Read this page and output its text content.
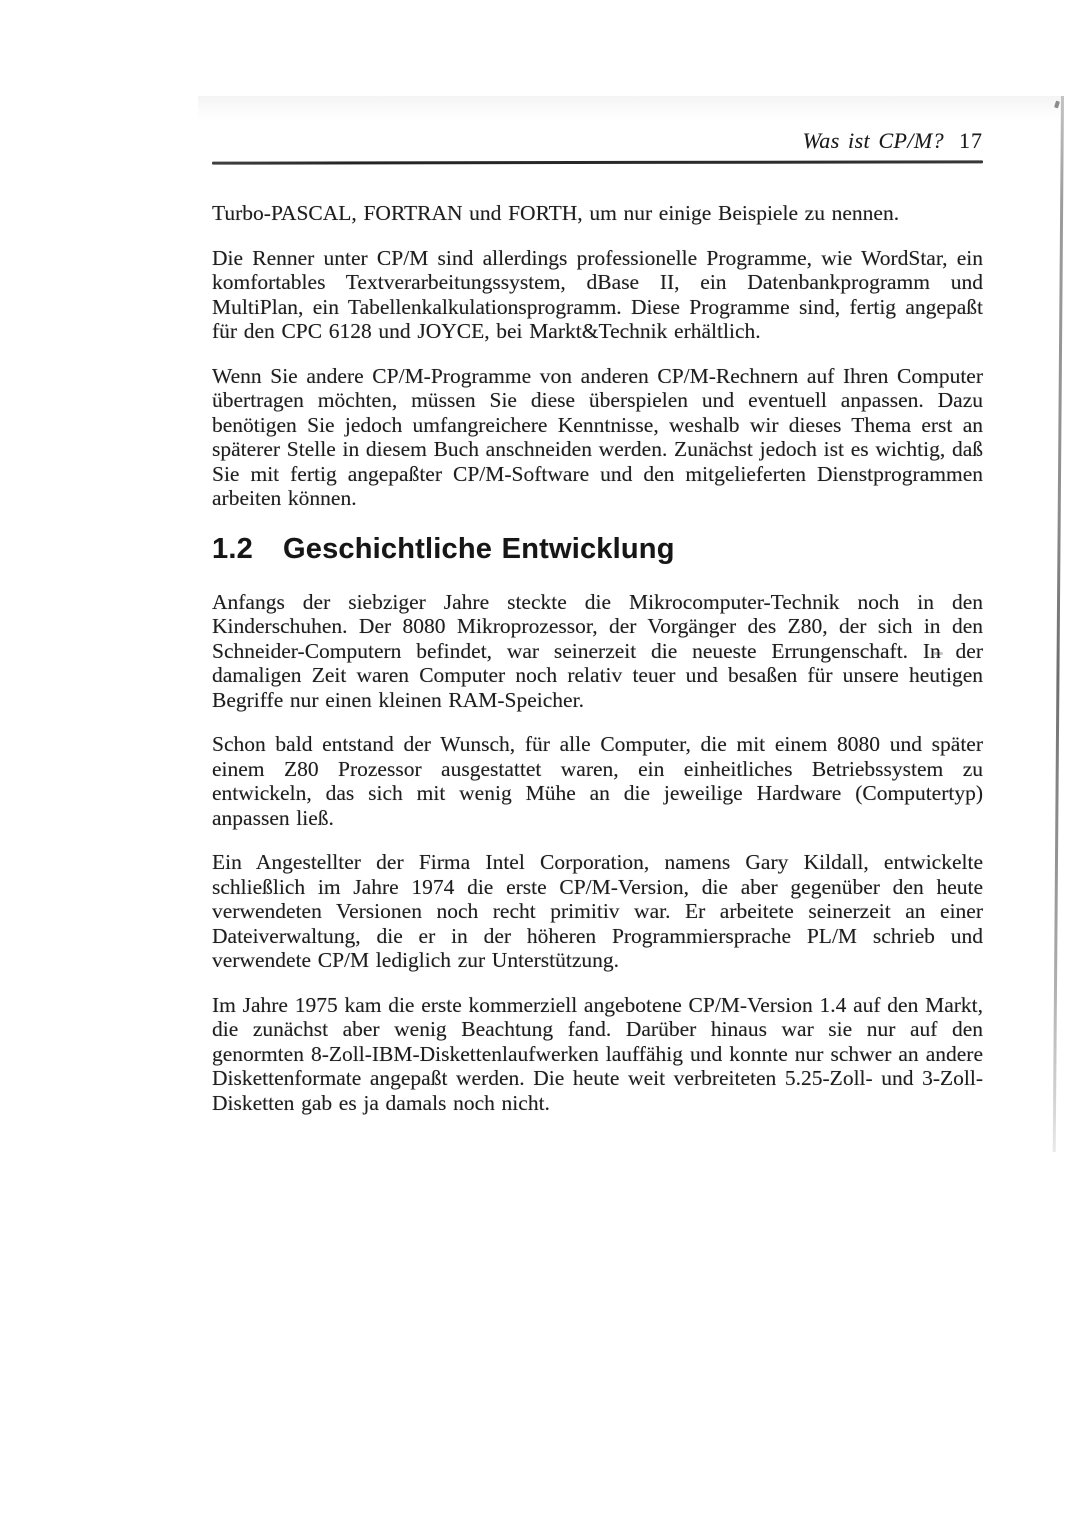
Was ist CP/M? 17

Turbo-PASCAL, FORTRAN und FORTH, um nur einige Beispiele zu nennen.

Die Renner unter CP/M sind allerdings professionelle Programme, wie WordStar, ein komfortables Textverarbeitungssystem, dBase II, ein Datenbankprogramm und MultiPlan, ein Tabellenkalkulationsprogramm. Diese Programme sind, fertig angepaßt für den CPC 6128 und JOYCE, bei Markt&Technik erhältlich.

Wenn Sie andere CP/M-Programme von anderen CP/M-Rechnern auf Ihren Computer übertragen möchten, müssen Sie diese überspielen und eventuell anpassen. Dazu benötigen Sie jedoch umfangreichere Kenntnisse, weshalb wir dieses Thema erst an späterer Stelle in diesem Buch anschneiden werden. Zunächst jedoch ist es wichtig, daß Sie mit fertig angepaßter CP/M-Software und den mitgelieferten Dienstprogrammen arbeiten können.

1.2	Geschichtliche Entwicklung

Anfangs der siebziger Jahre steckte die Mikrocomputer-Technik noch in den Kinderschuhen. Der 8080 Mikroprozessor, der Vorgänger des Z80, der sich in den Schneider-Computern befindet, war seinerzeit die neueste Errungenschaft. In der damaligen Zeit waren Computer noch relativ teuer und besaßen für unsere heutigen Begriffe nur einen kleinen RAM-Speicher.

Schon bald entstand der Wunsch, für alle Computer, die mit einem 8080 und später einem Z80 Prozessor ausgestattet waren, ein einheitliches Betriebssystem zu entwickeln, das sich mit wenig Mühe an die jeweilige Hardware (Computertyp) anpassen ließ.

Ein Angestellter der Firma Intel Corporation, namens Gary Kildall, entwickelte schließlich im Jahre 1974 die erste CP/M-Version, die aber gegenüber den heute verwendeten Versionen noch recht primitiv war. Er arbeitete seinerzeit an einer Dateiverwaltung, die er in der höheren Programmiersprache PL/M schrieb und verwendete CP/M lediglich zur Unterstützung.

Im Jahre 1975 kam die erste kommerziell angebotene CP/M-Version 1.4 auf den Markt, die zunächst aber wenig Beachtung fand. Darüber hinaus war sie nur auf den genormten 8-Zoll-IBM-Diskettenlaufwerken lauffähig und konnte nur schwer an andere Diskettenformate angepaßt werden. Die heute weit verbreiteten 5.25-Zoll- und 3-Zoll-Disketten gab es ja damals noch nicht.
